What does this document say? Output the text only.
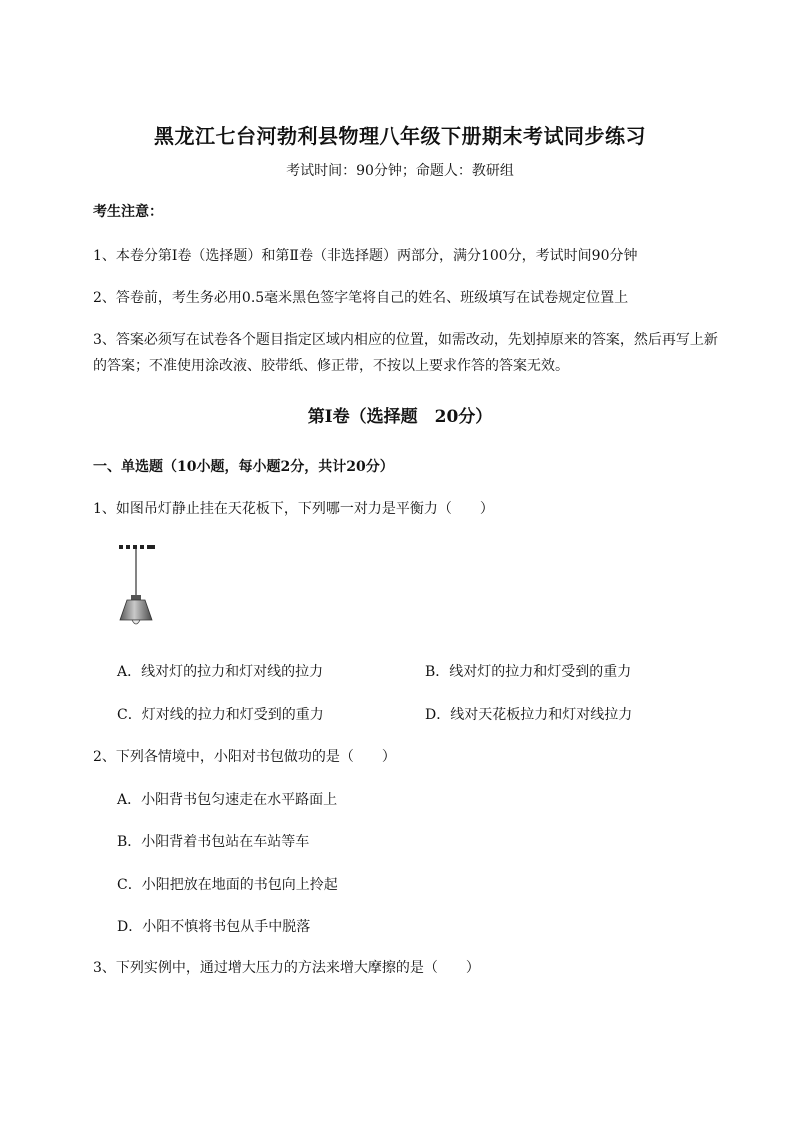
黑龙江七台河勃利县物理八年级下册期末考试同步练习
考试时间：90分钟；命题人：教研组
考生注意：
1、本卷分第I卷（选择题）和第Ⅱ卷（非选择题）两部分，满分100分，考试时间90分钟
2、答卷前，考生务必用0.5毫米黑色签字笔将自己的姓名、班级填写在试卷规定位置上
3、答案必须写在试卷各个题目指定区域内相应的位置，如需改动，先划掉原来的答案，然后再写上新
的答案；不准使用涂改液、胶带纸、修正带，不按以上要求作答的答案无效。
第I卷（选择题　20分）
一、单选题（10小题，每小题2分，共计20分）
1、如图吊灯静止挂在天花板下，下列哪一对力是平衡力（　　）
A．线对灯的拉力和灯对线的拉力	B．线对灯的拉力和灯受到的重力
C．灯对线的拉力和灯受到的重力	D．线对天花板拉力和灯对线拉力
2、下列各情境中，小阳对书包做功的是（　　）
A．小阳背书包匀速走在水平路面上
B．小阳背着书包站在车站等车
C．小阳把放在地面的书包向上拎起
D．小阳不慎将书包从手中脱落
3、下列实例中，通过增大压力的方法来增大摩擦的是（　　）
